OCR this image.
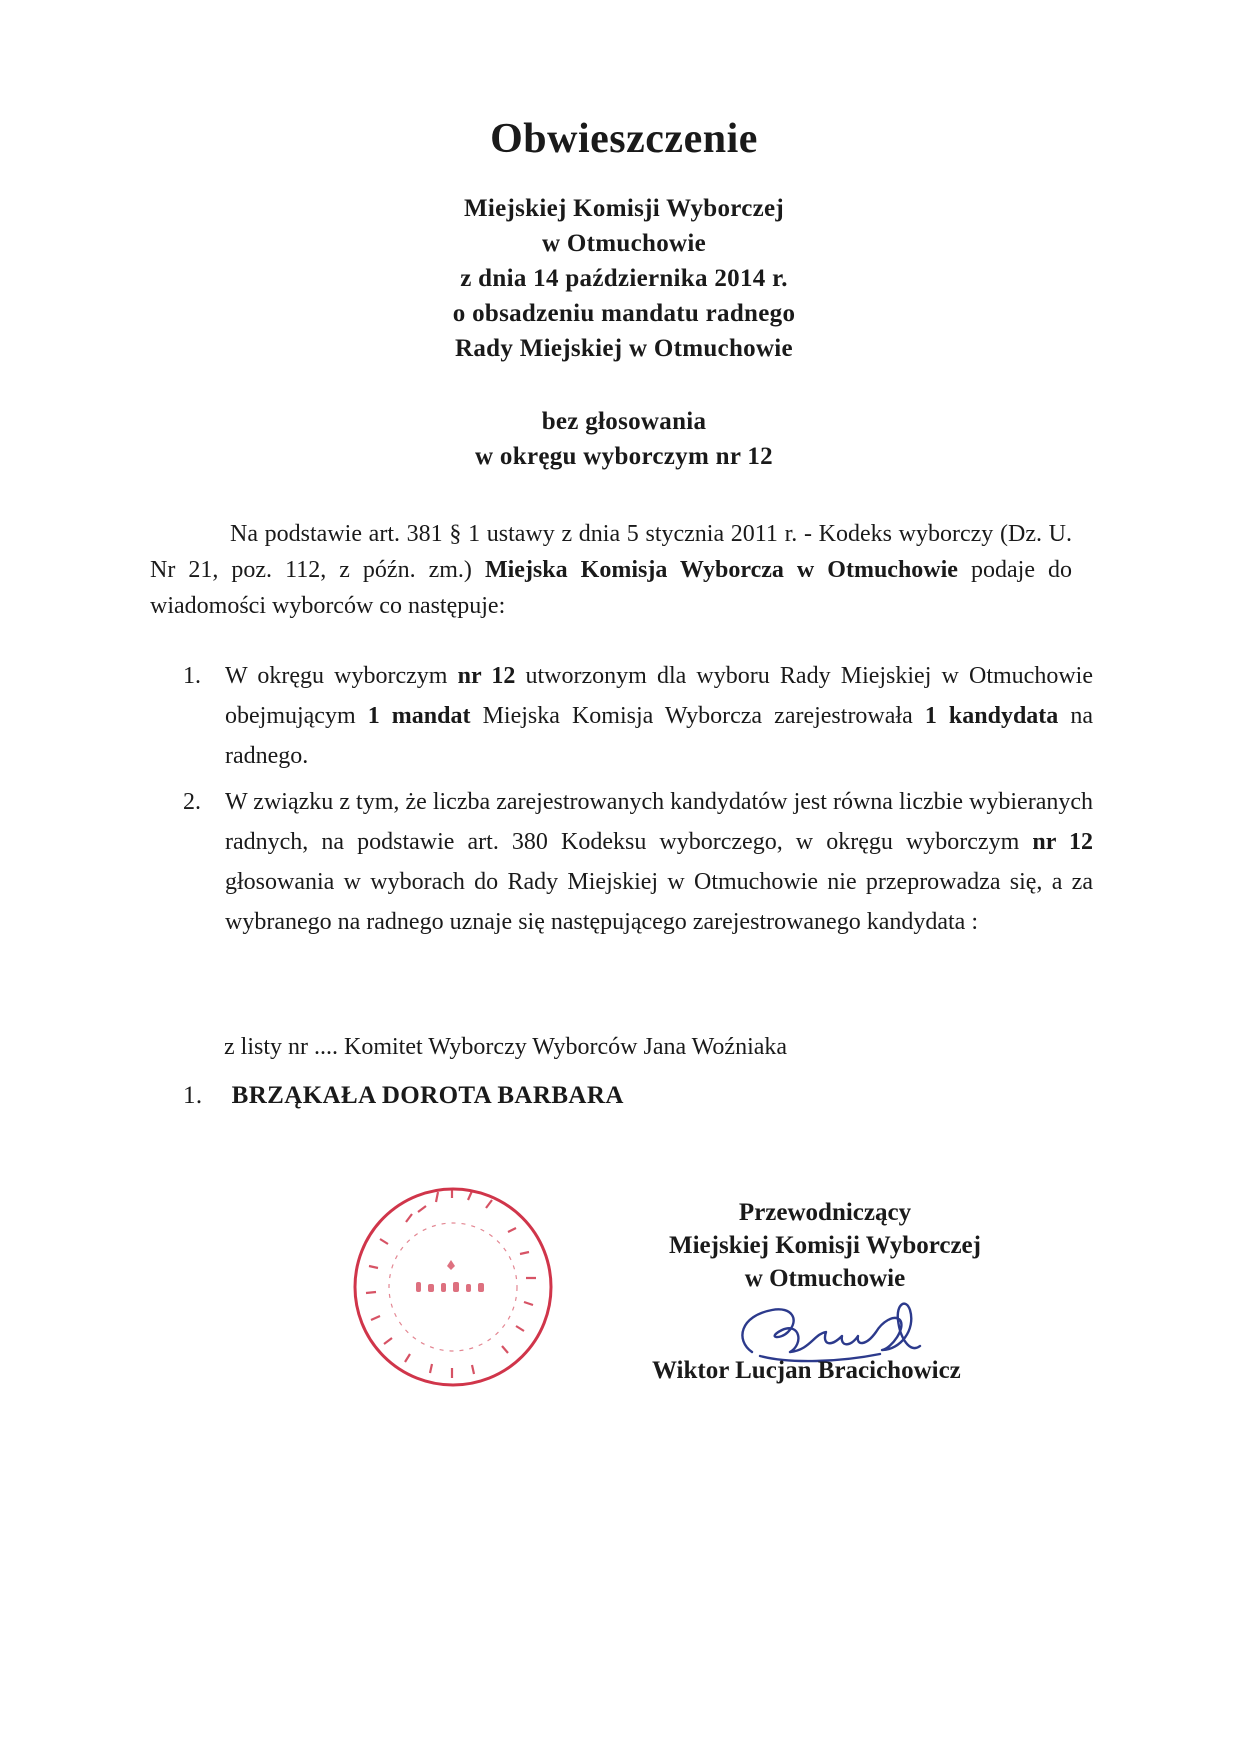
Obwieszczenie
Miejskiej Komisji Wyborczej
w Otmuchowie
z dnia 14 października 2014 r.
o obsadzeniu mandatu radnego
Rady Miejskiej w Otmuchowie
bez głosowania
w okręgu wyborczym nr 12
Na podstawie art. 381 § 1 ustawy z dnia 5 stycznia 2011 r. - Kodeks wyborczy (Dz. U. Nr 21, poz. 112, z późn. zm.) Miejska Komisja Wyborcza w Otmuchowie podaje do wiadomości wyborców co następuje:
1. W okręgu wyborczym nr 12 utworzonym dla wyboru Rady Miejskiej w Otmuchowie obejmującym 1 mandat Miejska Komisja Wyborcza zarejestrowała 1 kandydata na radnego.
2. W związku z tym, że liczba zarejestrowanych kandydatów jest równa liczbie wybieranych radnych, na podstawie art. 380 Kodeksu wyborczego, w okręgu wyborczym nr 12 głosowania w wyborach do Rady Miejskiej w Otmuchowie nie przeprowadza się, a za wybranego na radnego uznaje się następującego zarejestrowanego kandydata :
z listy nr .... Komitet Wyborczy Wyborców Jana Woźniaka
1. BRZĄKAŁA DOROTA BARBARA
Przewodniczący
Miejskiej Komisji Wyborczej
w Otmuchowie
Wiktor Lucjan Bracichowicz
